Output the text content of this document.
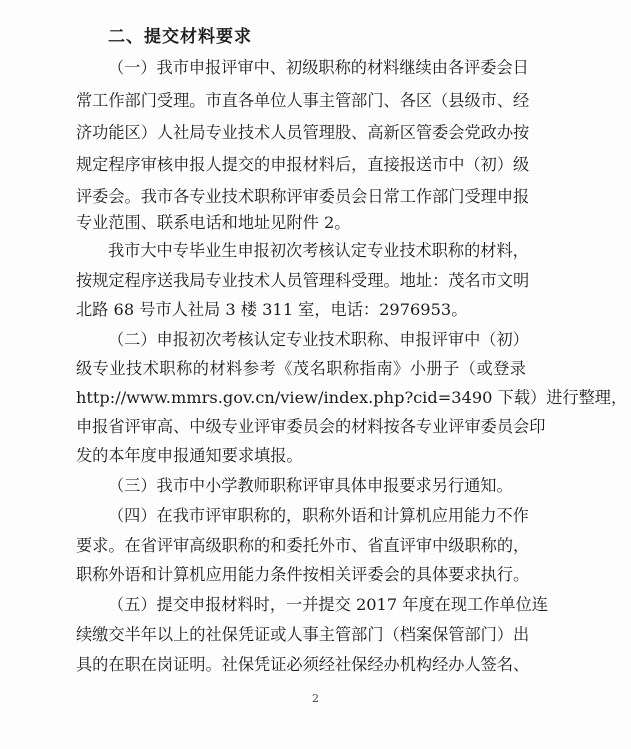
二、提交材料要求
（一）我市申报评审中、初级职称的材料继续由各评委会日
常工作部门受理。市直各单位人事主管部门、各区（县级市、经
济功能区）人社局专业技术人员管理股、高新区管委会党政办按
规定程序审核申报人提交的申报材料后，直接报送市中（初）级
评委会。我市各专业技术职称评审委员会日常工作部门受理申报
专业范围、联系电话和地址见附件 2。
我市大中专毕业生申报初次考核认定专业技术职称的材料，
按规定程序送我局专业技术人员管理科受理。地址：茂名市文明
北路 68 号市人社局 3 楼 311 室，电话：2976953。
（二）申报初次考核认定专业技术职称、申报评审中（初）
级专业技术职称的材料参考《茂名职称指南》小册子（或登录
http://www.mmrs.gov.cn/view/index.php?cid=3490 下载）进行整理，
申报省评审高、中级专业评审委员会的材料按各专业评审委员会印
发的本年度申报通知要求填报。
（三）我市中小学教师职称评审具体申报要求另行通知。
（四）在我市评审职称的，职称外语和计算机应用能力不作
要求。在省评审高级职称的和委托外市、省直评审中级职称的，
职称外语和计算机应用能力条件按相关评委会的具体要求执行。
（五）提交申报材料时，一并提交 2017 年度在现工作单位连
续缴交半年以上的社保凭证或人事主管部门（档案保管部门）出
具的在职在岗证明。社保凭证必须经社保经办机构经办人签名、
2
